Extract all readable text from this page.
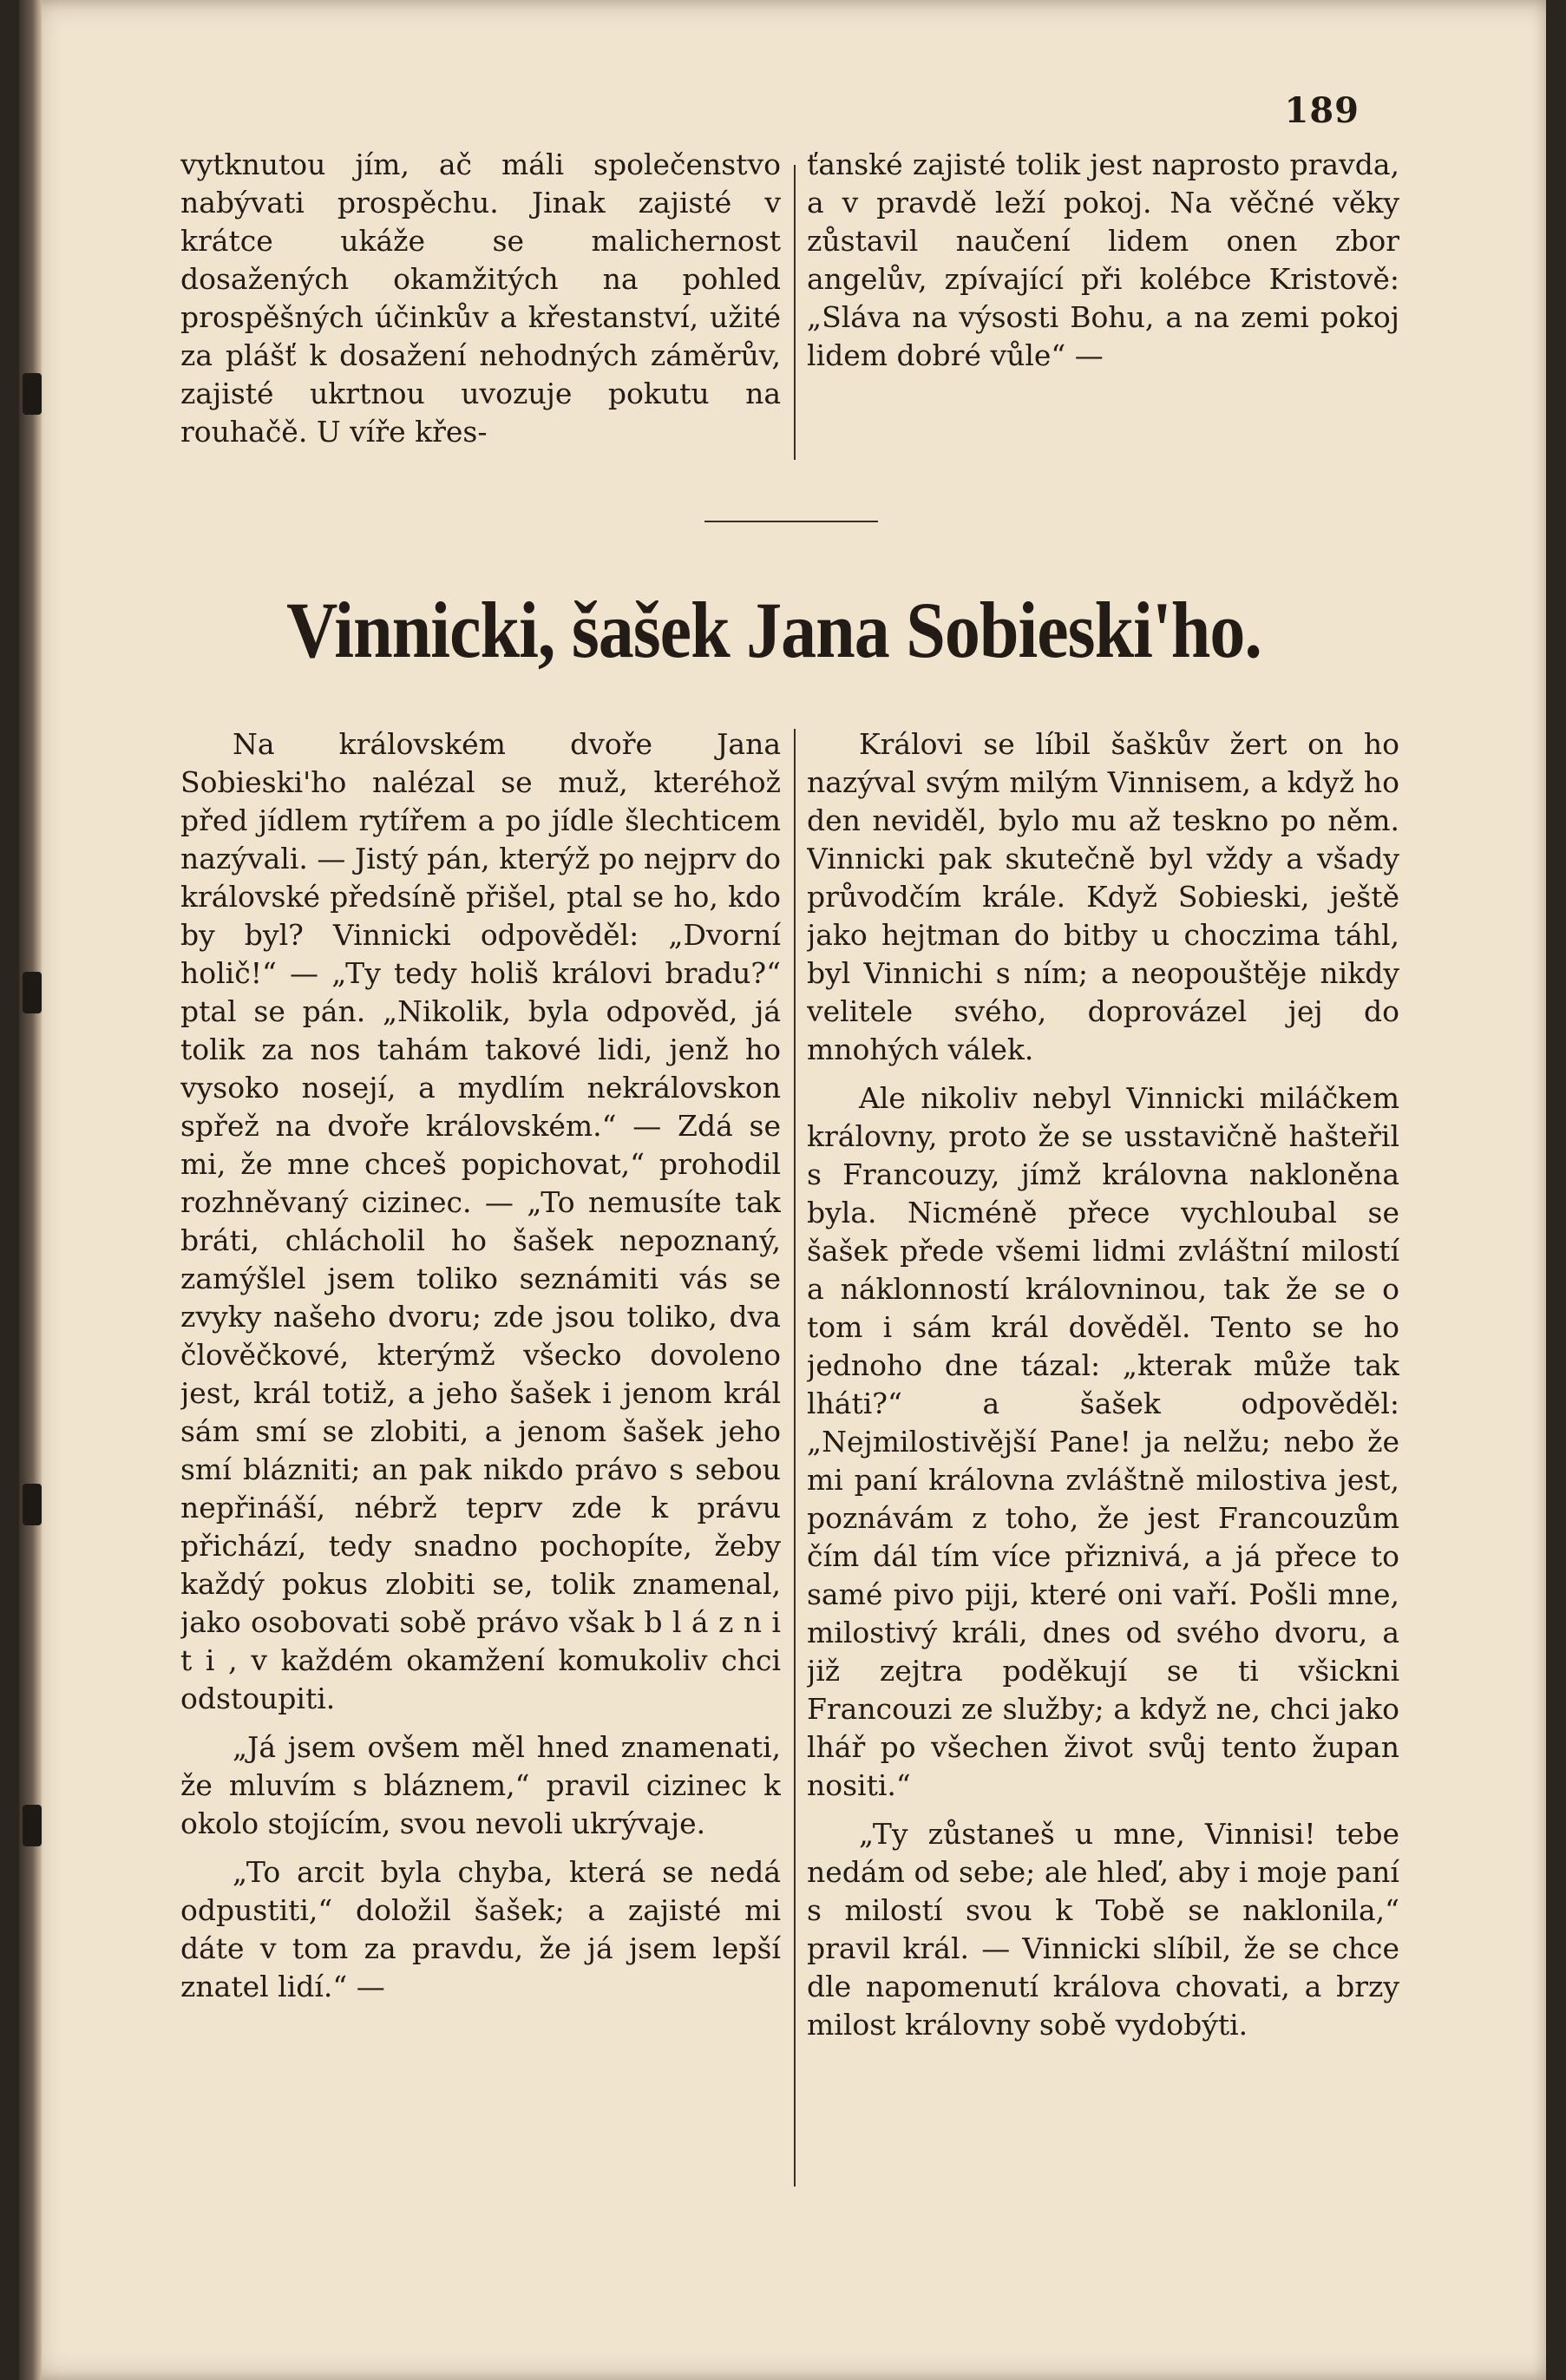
189

vytknutou jím, ač máli společenstvo nabývati prospěchu. Jinak zajisté v krátce ukáže se malichernost dosažených okamžitých na pohled prospěšných účinkův a křestanství, užité za plášť k dosažení nehodných záměrův, zajisté ukrtnou uvozuje pokutu na rouhačě. U víře křes-

ťanské zajisté tolik jest naprosto pravda, a v pravdě leží pokoj. Na věčné věky zůstavil naučení lidem onen zbor angelův, zpívající při kolébce Kristově: „Sláva na výsosti Bohu, a na zemi pokoj lidem dobré vůle“ —

Vinnicki, šašek Jana Sobieski'ho.

Na královském dvoře Jana Sobieski'ho nalézal se muž, kteréhož před jídlem rytířem a po jídle šlechticem nazývali. — Jistý pán, kterýž po nejprv do královské předsíně přišel, ptal se ho, kdo by byl? Vinnicki odpověděl: „Dvorní holič!“ — „Ty tedy holiš královi bradu?“ ptal se pán. „Nikolik, byla odpověd, já tolik za nos tahám takové lidi, jenž ho vysoko nosejí, a mydlím nekrálovskon spřež na dvoře královském.“ — Zdá se mi, že mne chceš popichovat,“ prohodil rozhněvaný cizinec. — „To nemusíte tak bráti, chlácholil ho šašek nepoznaný, zamýšlel jsem toliko seznámiti vás se zvyky našeho dvoru; zde jsou toliko, dva člověčkové, kterýmž všecko dovoleno jest, král totiž, a jeho šašek i jenom král sám smí se zlobiti, a jenom šašek jeho smí blázniti; an pak nikdo právo s sebou nepřináší, nébrž teprv zde k právu přichází, tedy snadno pochopíte, žeby každý pokus zlobiti se, tolik znamenal, jako osobovati sobě právo však b l á z n i t i , v každém okamžení komukoliv chci odstoupiti.

„Já jsem ovšem měl hned znamenati, že mluvím s bláznem,“ pravil cizinec k okolo stojícím, svou nevoli ukrývaje.

„To arcit byla chyba, která se nedá odpustiti,“ doložil šašek; a zajisté mi dáte v tom za pravdu, že já jsem lepší znatel lidí.“ —

Královi se líbil šaškův žert on ho nazýval svým milým Vinnisem, a když ho den neviděl, bylo mu až teskno po něm. Vinnicki pak skutečně byl vždy a všady průvodčím krále. Když Sobieski, ještě jako hejtman do bitby u choczima táhl, byl Vinnichi s ním; a neopouštěje nikdy velitele svého, doprovázel jej do mnohých válek.

Ale nikoliv nebyl Vinnicki miláčkem královny, proto že se usstavičně hašteřil s Francouzy, jímž královna nakloněna byla. Nicméně přece vychloubal se šašek přede všemi lidmi zvláštní milostí a náklonností královninou, tak že se o tom i sám král dověděl. Tento se ho jednoho dne tázal: „kterak může tak lháti?“ a šašek odpověděl: „Nejmilostivější Pane! ja nelžu; nebo že mi paní královna zvláštně milostiva jest, poznávám z toho, že jest Francouzům čím dál tím více přiznivá, a já přece to samé pivo piji, které oni vaří. Pošli mne, milostivý králi, dnes od svého dvoru, a již zejtra poděkují se ti všickni Francouzi ze služby; a když ne, chci jako lhář po všechen život svůj tento župan nositi.“

„Ty zůstaneš u mne, Vinnisi! tebe nedám od sebe; ale hleď, aby i moje paní s milostí svou k Tobě se naklonila,“ pravil král. — Vinnicki slíbil, že se chce dle napomenutí králova chovati, a brzy milost královny sobě vydobýti.
